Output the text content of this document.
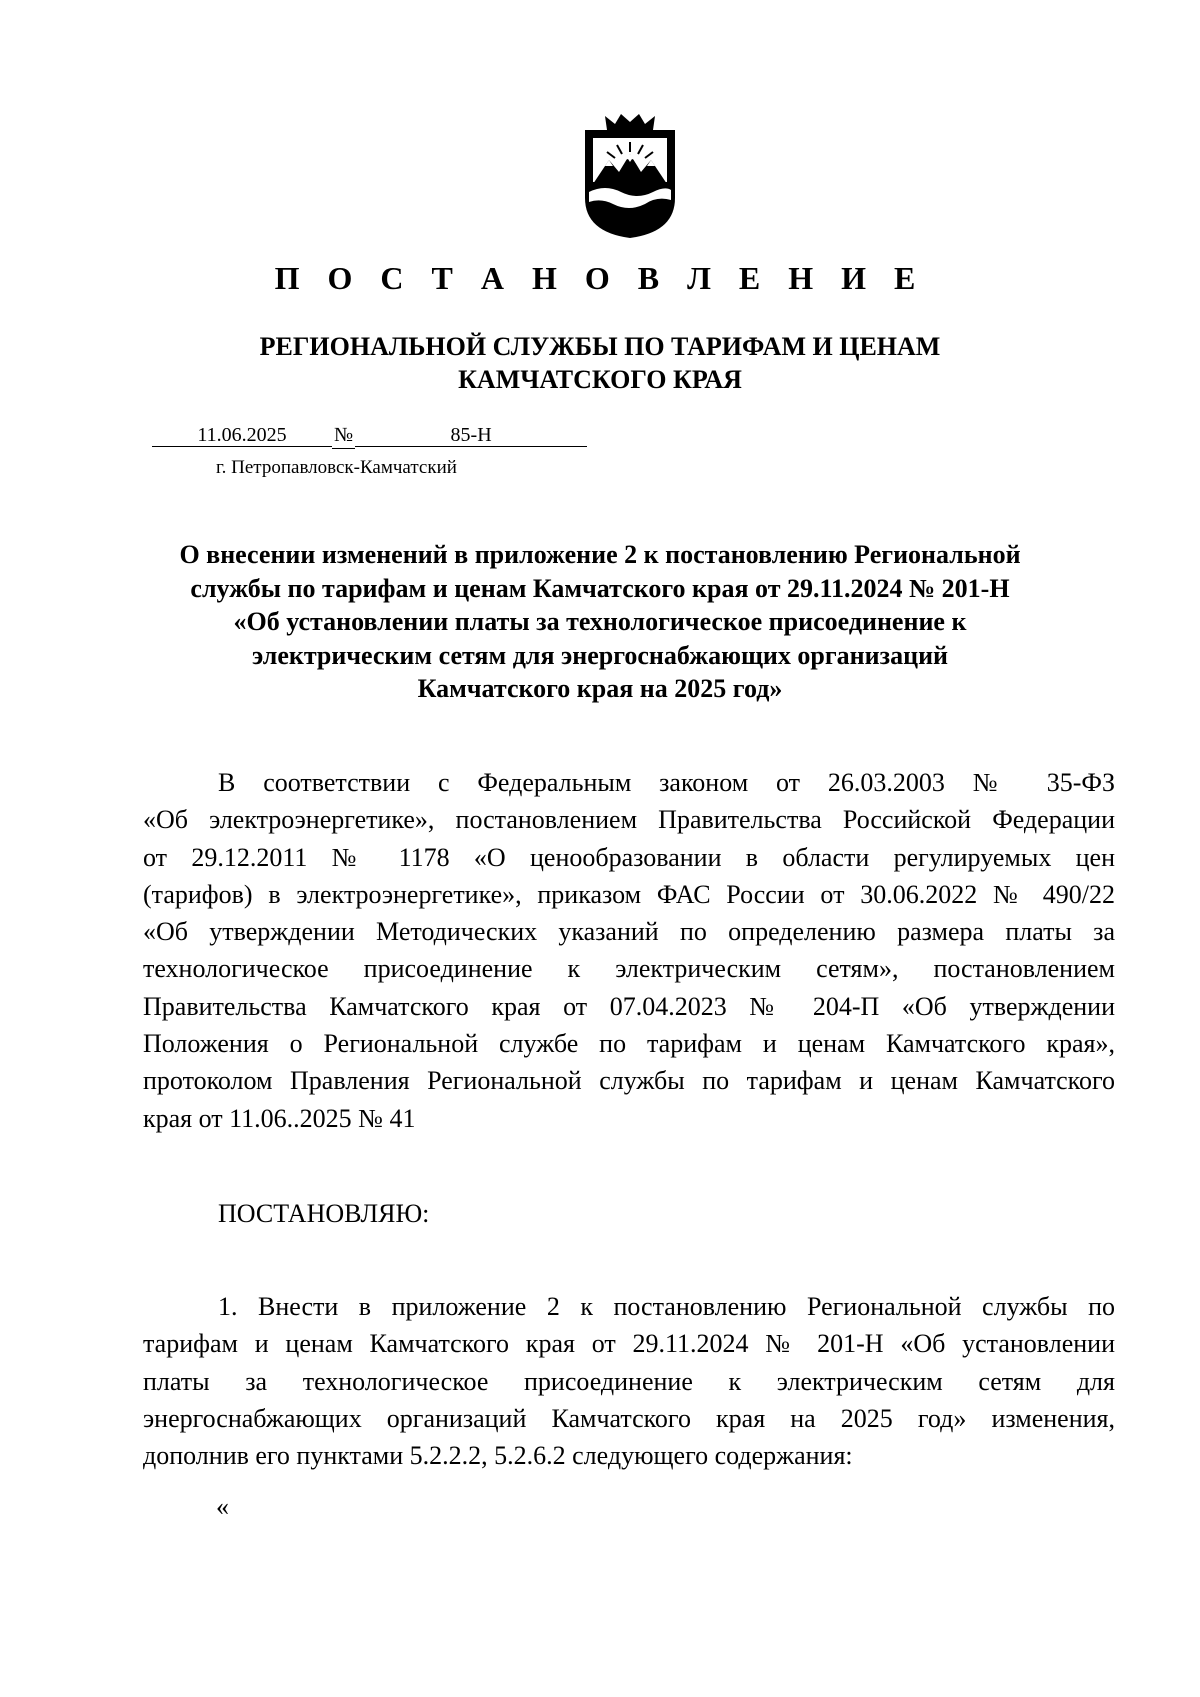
П О С Т А Н О В Л Е Н И Е
РЕГИОНАЛЬНОЙ СЛУЖБЫ ПО ТАРИФАМ И ЦЕНАМ
КАМЧАТСКОГО КРАЯ
11.06.2025 №	85-Н
г. Петропавловск-Камчатский
О внесении изменений в приложение 2 к постановлению Региональной
службы по тарифам и ценам Камчатского края от 29.11.2024 № 201-Н
«Об установлении платы за технологическое присоединение к
электрическим сетям для энергоснабжающих организаций
Камчатского края на 2025 год»
В соответствии с Федеральным законом от 26.03.2003 № 35-ФЗ
«Об электроэнергетике», постановлением Правительства Российской Федерации
от 29.12.2011 № 1178 «О ценообразовании в области регулируемых цен
(тарифов) в электроэнергетике», приказом ФАС России от 30.06.2022 № 490/22
«Об утверждении Методических указаний по определению размера платы за
технологическое присоединение к электрическим сетям», постановлением
Правительства Камчатского края от 07.04.2023 № 204-П «Об утверждении
Положения о Региональной службе по тарифам и ценам Камчатского края»,
протоколом Правления Региональной службы по тарифам и ценам Камчатского
края от 11.06..2025 № 41
ПОСТАНОВЛЯЮ:
1. Внести в приложение 2 к постановлению Региональной службы по
тарифам и ценам Камчатского края от 29.11.2024 № 201-Н «Об установлении
платы за технологическое присоединение к электрическим сетям для
энергоснабжающих организаций Камчатского края на 2025 год» изменения,
дополнив его пунктами 5.2.2.2, 5.2.6.2 следующего содержания:
«
